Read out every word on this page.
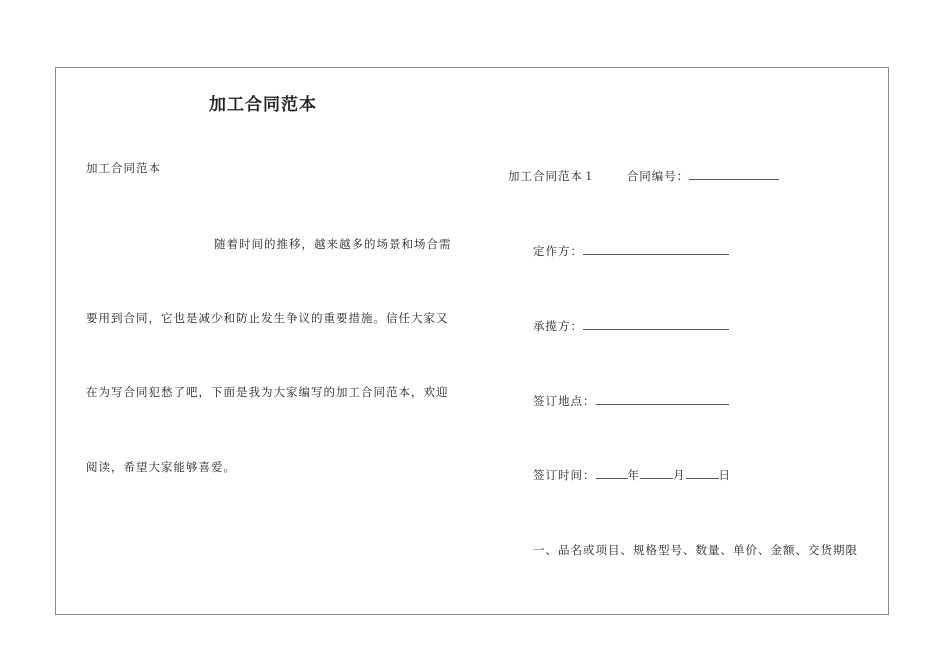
加工合同范本
加工合同范本
随着时间的推移，越来越多的场景和场合需
要用到合同，它也是减少和防止发生争议的重要措施。信任大家又
在为写合同犯愁了吧，下面是我为大家编写的加工合同范本，欢迎
阅读，希望大家能够喜爱。
加工合同范本１	合同编号：
定作方：
承揽方：
签订地点：
签订时间：	年	月	日
一、品名或项目、规格型号、数量、单价、金额、交货期限
